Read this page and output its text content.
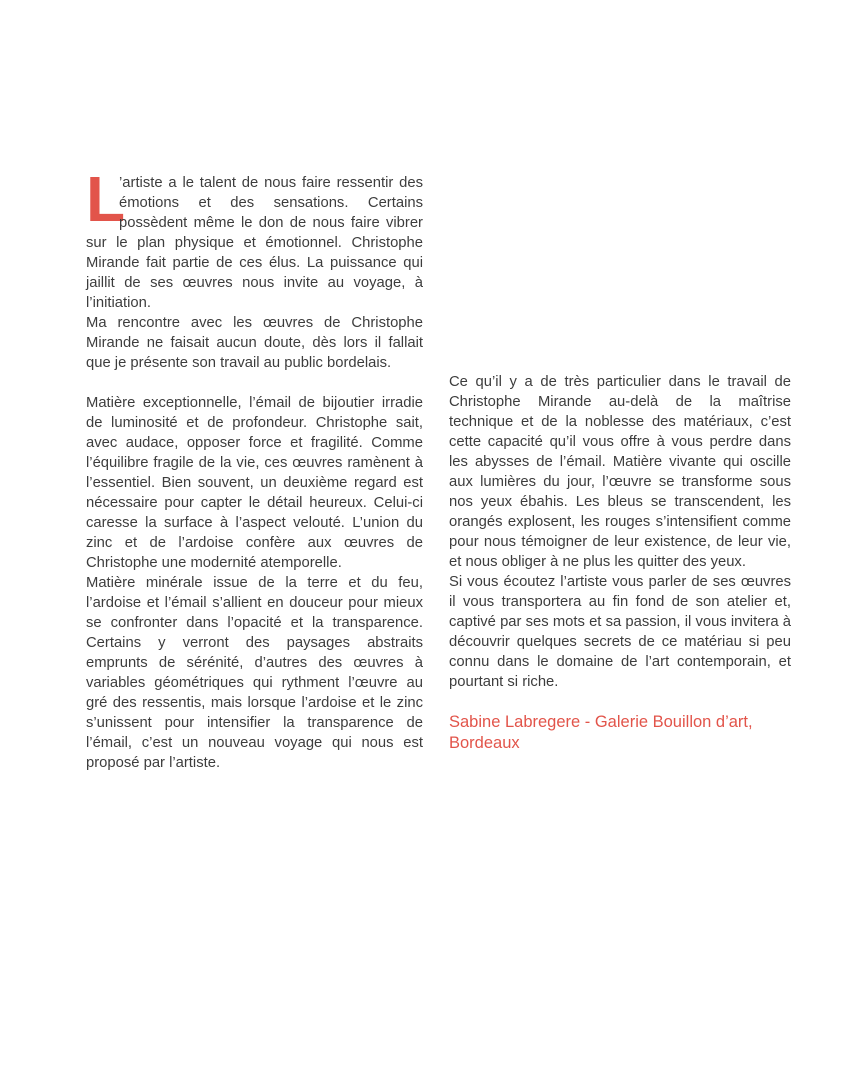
L
’artiste a le talent de nous faire ressentir des émotions et des sensations. Certains possèdent même le don de nous faire vibrer sur le plan physique et émotionnel. Christophe Mirande fait partie de ces élus. La puissance qui jaillit de ses œuvres nous invite au voyage, à l’initiation.

Ma rencontre avec les œuvres de Christophe Mirande ne faisait aucun doute, dès lors il fallait que je présente son travail au public bordelais.

Matière exceptionnelle, l’émail de bijoutier irradie de luminosité et de profondeur. Christophe sait, avec audace, opposer force et fragilité. Comme l’équilibre fragile de la vie, ces œuvres ramènent à l’essentiel. Bien souvent, un deuxième regard est nécessaire pour capter le détail heureux. Celui-ci caresse la surface à l’aspect velouté. L’union du zinc et de l’ardoise confère aux œuvres de Christophe une modernité atemporelle.

Matière minérale issue de la terre et du feu, l’ardoise et l’émail s’allient en douceur pour mieux se confronter dans l’opacité et la transparence. Certains y verront des paysages abstraits emprunts de sérénité, d’autres des œuvres à variables géométriques qui rythment l’œuvre au gré des ressentis, mais lorsque l’ardoise et le zinc s’unissent pour intensifier la transparence de l’émail, c’est un nouveau voyage qui nous est proposé par l’artiste.

Ce qu’il y a de très particulier dans le travail de Christophe Mirande au-delà de la maîtrise technique et de la noblesse des matériaux, c’est cette capacité qu’il vous offre à vous perdre dans les abysses de l’émail. Matière vivante qui oscille aux lumières du jour, l’œuvre se transforme sous nos yeux ébahis. Les bleus se transcendent, les orangés explosent, les rouges s’intensifient comme pour nous témoigner de leur existence, de leur vie, et nous obliger à ne plus les quitter des yeux.

Si vous écoutez l’artiste vous parler de ses œuvres il vous transportera au fin fond de son atelier et, captivé par ses mots et sa passion, il vous invitera à découvrir quelques secrets de ce matériau si peu connu dans le domaine de l’art contemporain, et pourtant si riche.

Sabine Labregere - Galerie Bouillon d’art, Bordeaux
